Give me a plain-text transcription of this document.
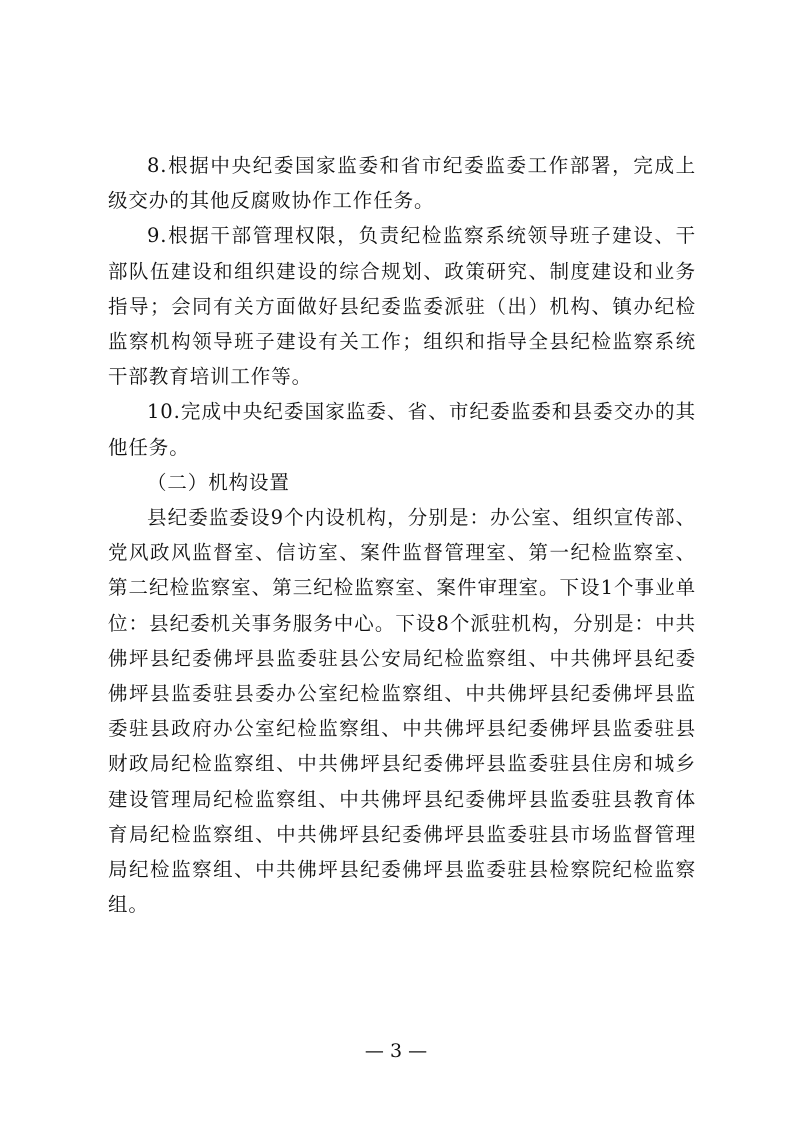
8.根据中央纪委国家监委和省市纪委监委工作部署，完成上级交办的其他反腐败协作工作任务。

9.根据干部管理权限，负责纪检监察系统领导班子建设、干部队伍建设和组织建设的综合规划、政策研究、制度建设和业务指导；会同有关方面做好县纪委监委派驻（出）机构、镇办纪检监察机构领导班子建设有关工作；组织和指导全县纪检监察系统干部教育培训工作等。

10.完成中央纪委国家监委、省、市纪委监委和县委交办的其他任务。

（二）机构设置

县纪委监委设9个内设机构，分别是：办公室、组织宣传部、党风政风监督室、信访室、案件监督管理室、第一纪检监察室、第二纪检监察室、第三纪检监察室、案件审理室。下设1个事业单位：县纪委机关事务服务中心。下设8个派驻机构，分别是：中共佛坪县纪委佛坪县监委驻县公安局纪检监察组、中共佛坪县纪委佛坪县监委驻县委办公室纪检监察组、中共佛坪县纪委佛坪县监委驻县政府办公室纪检监察组、中共佛坪县纪委佛坪县监委驻县财政局纪检监察组、中共佛坪县纪委佛坪县监委驻县住房和城乡建设管理局纪检监察组、中共佛坪县纪委佛坪县监委驻县教育体育局纪检监察组、中共佛坪县纪委佛坪县监委驻县市场监督管理局纪检监察组、中共佛坪县纪委佛坪县监委驻县检察院纪检监察组。

— 3 —
